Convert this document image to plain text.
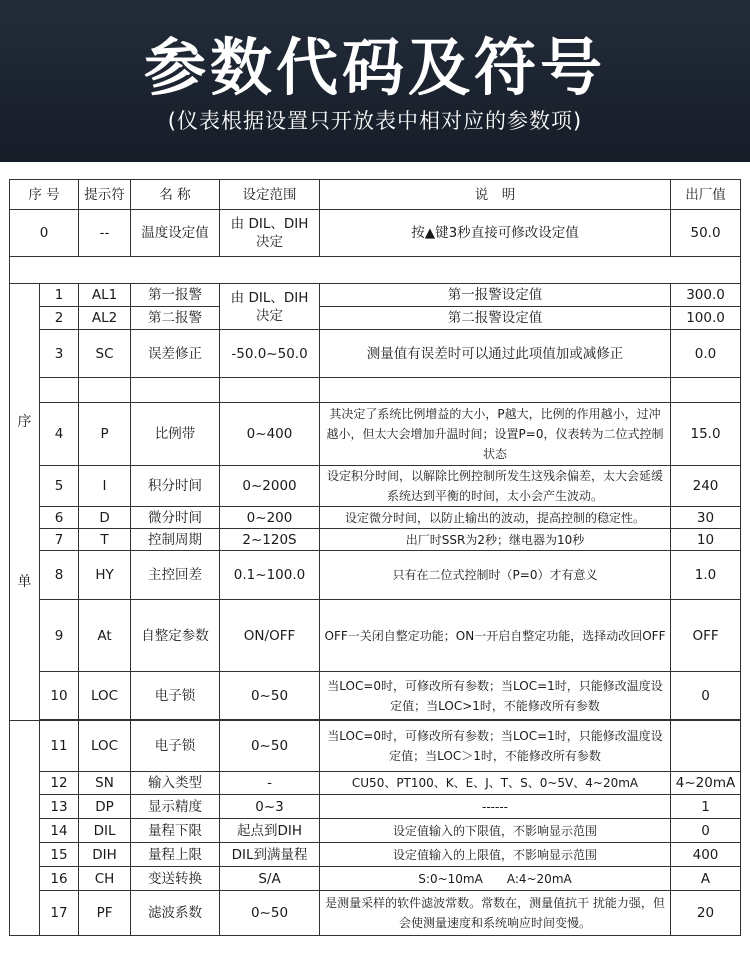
参数代码及符号
(仪表根据设置只开放表中相对应的参数项)
序 号		提示符	名 称	设定范围	说　明	出厂值
0		--	温度设定值	由 DIL、DIH 决定	按▲键3秒直接可修改设定值	50.0

序

单	1	AL1	第一报警	由 DIL、DIH 决定	第一报警设定值	300.0
	2	AL2	第二报警		第二报警设定值	100.0
	3	SC	误差修正	-50.0~50.0	测量值有误差时可以通过此项值加或减修正	0.0

	4	P	比例带	0~400	其决定了系统比例增益的大小，P越大，比例的作用越小，过冲越小，但太大会增加升温时间；设置P=0，仪表转为二位式控制状态	15.0
	5	I	积分时间	0~2000	设定积分时间，以解除比例控制所发生这残余偏差，太大会延缓系统达到平衡的时间，太小会产生波动。	240
	6	D	微分时间	0~200	设定微分时间，以防止输出的波动，提高控制的稳定性。	30
	7	T	控制周期	2~120S	出厂时SSR为2秒；继电器为10秒	10
	8	HY	主控回差	0.1~100.0	只有在二位式控制时（P=0）才有意义	1.0
	9	At	自整定参数	ON/OFF	OFF一关闭自整定功能；ON一开启自整定功能，选择动改回OFF	OFF
	10	LOC	电子锁	0~50	当LOC=0时，可修改所有参数；当LOC=1时，只能修改温度设定值；当LOC>1时，不能修改所有参数	0

	11	LOC	电子锁	0~50	当LOC=0时，可修改所有参数；当LOC=1时，只能修改温度设定值；当LOC＞1时，不能修改所有参数	
	12	SN	输入类型	-	CU50、PT100、K、E、J、T、S、0~5V、4~20mA	4~20mA
	13	DP	显示精度	0~3	------	1
	14	DIL	量程下限	起点到DIH	设定值输入的下限值，不影响显示范围	0
	15	DIH	量程上限	DIL到满量程	设定值输入的上限值，不影响显示范围	400
	16	CH	变送转换	S/A	S:0~10mA　　A:4~20mA	A
	17	PF	滤波系数	0~50	是测量采样的软件滤波常数。常数在，测量值抗干 扰能力强，但会使测量速度和系统响应时间变慢。	20
